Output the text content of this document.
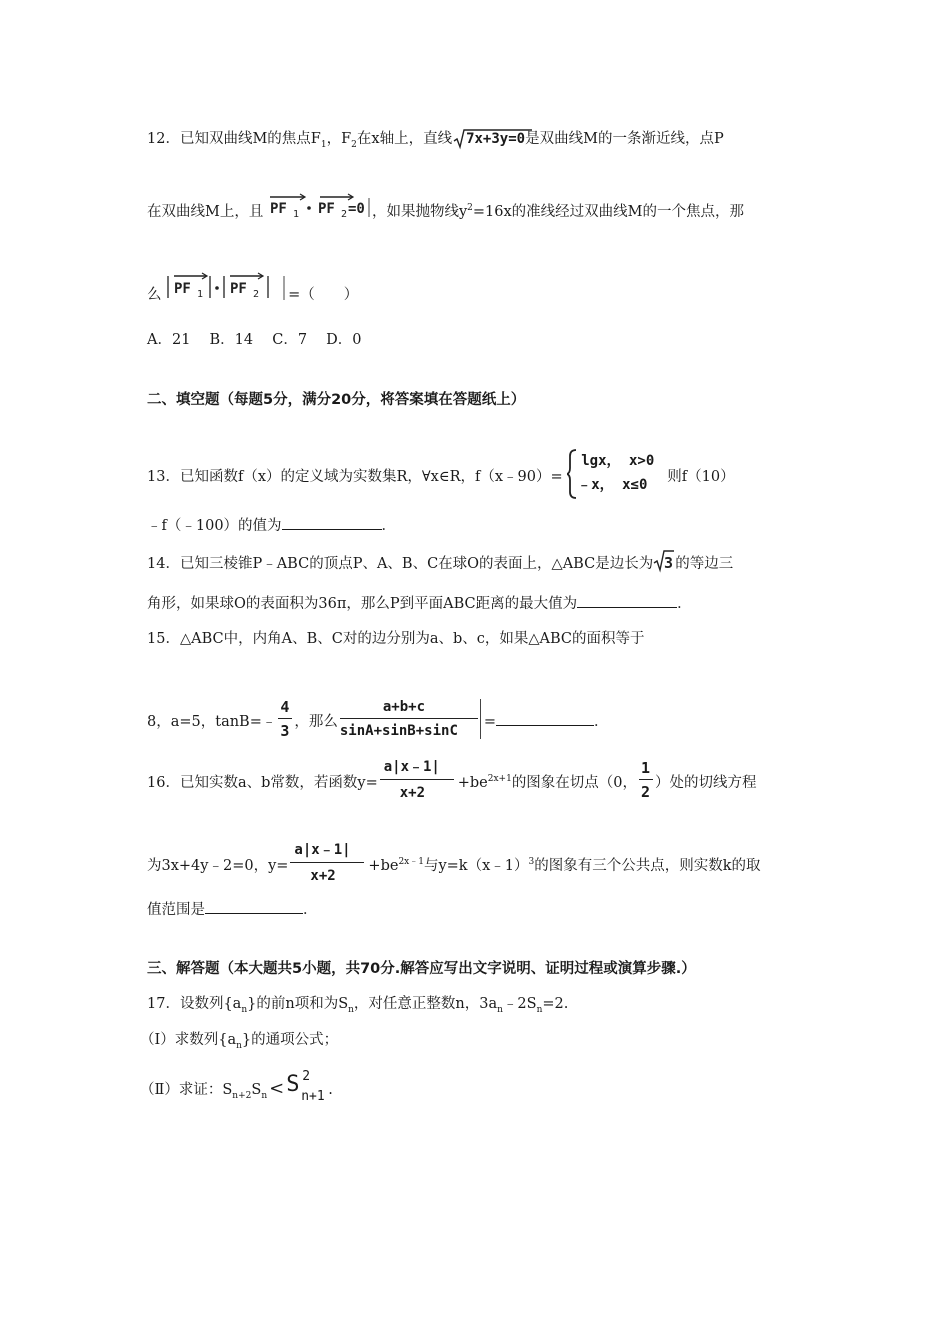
12．已知双曲线M的焦点$F_1$，$F_2$在x轴上，直线 7x+3y=0是双曲线M的一条渐近线，点P
在双曲线M上，且 PF 1 PF 2 =0 ，如果抛物线$y^2=16x$的准线经过双曲线M的一个焦点，那
么 PF 1 PF 2 =（　　）
A．21　 B．14　 C．7　 D．0
二、填空题（每题5分，满分20分，将答案填在答题纸上）
13．已知函数f（x）的定义域为实数集R，∀x∈R，f（x﹣90）=
lgx， x>0
﹣x， x≤0 则f（10）
﹣f（﹣100）的值为	．
14．已知三棱锥P﹣ABC的顶点P、A、B、C在球O的表面上，△ABC是边长为 3 的等边三
角形，如果球O的表面积为36π，那么P到平面ABC距离的最大值为	．
15．△ABC中，内角A、B、C对的边分别为a、b、c，如果△ABC的面积等于
8，a=5，tanB=﹣ $\frac{4}{3}$ ，那么 $\frac{a+b+c}{\sin A+\sin B+\sin C}$ =	．
16．已知实数a、b常数，若函数$y= \frac{a|x﹣1|}{x+2} +be^{2x+1}$的图象在切点（0， $\frac{1}{2}$ ）处的切线方程
为3x+4y﹣2=0，$y= \frac{a|x﹣1|}{x+2} +be^{2x﹣1}$与y=k（x﹣1）$^3$的图象有三个公共点，则实数k的取
值范围是	．
三、解答题（本大题共5小题，共70分.解答应写出文字说明、证明过程或演算步骤.）
17．设数列$\{a_n\}$的前n项和为$S_n$，对任意正整数n，$3a_n﹣2S_n=2$.
（I）求数列$\{a_n\}$的通项公式；
（Ⅱ）求证：$S_{n+2}S_n < S$ 2
n+1 .
